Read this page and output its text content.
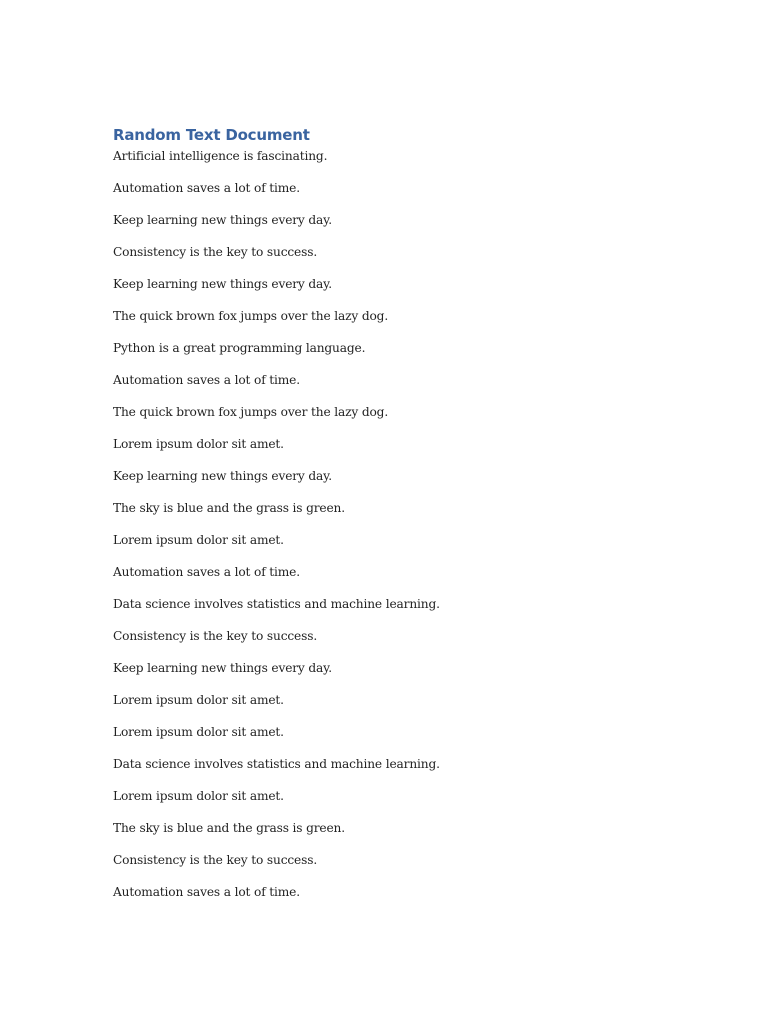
Random Text Document

Artificial intelligence is fascinating.

Automation saves a lot of time.

Keep learning new things every day.

Consistency is the key to success.

Keep learning new things every day.

The quick brown fox jumps over the lazy dog.

Python is a great programming language.

Automation saves a lot of time.

The quick brown fox jumps over the lazy dog.

Lorem ipsum dolor sit amet.

Keep learning new things every day.

The sky is blue and the grass is green.

Lorem ipsum dolor sit amet.

Automation saves a lot of time.

Data science involves statistics and machine learning.

Consistency is the key to success.

Keep learning new things every day.

Lorem ipsum dolor sit amet.

Lorem ipsum dolor sit amet.

Data science involves statistics and machine learning.

Lorem ipsum dolor sit amet.

The sky is blue and the grass is green.

Consistency is the key to success.

Automation saves a lot of time.
